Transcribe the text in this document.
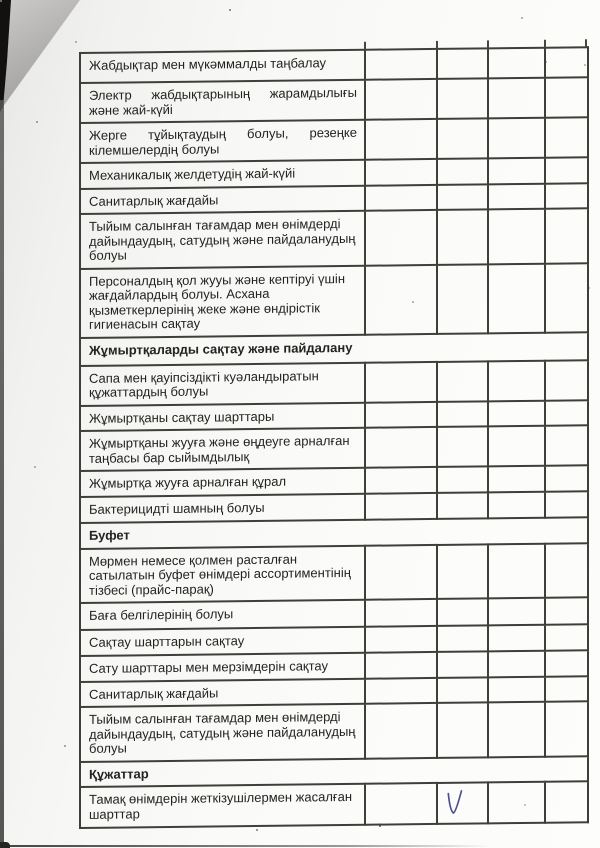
Жабдықтар мен мүкәммалды таңбалау				
Электр жабдықтарының жарамдылығы және жай-күйі				
Жерге тұйықтаудың болуы, резеңке кілемшелердің болуы				
Механикалық желдетудің жай-күйі				
Санитарлық жағдайы				
Тыйым салынған тағамдар мен өнімдерді дайындаудың, сатудың және пайдаланудың болуы				
Персоналдың қол жууы және кептіруі үшін жағдайлардың болуы. Асхана қызметкерлерінің жеке және өндірістік гигиенасын сақтау				
Жұмыртқаларды сақтау және пайдалану				
Сапа мен қауіпсіздікті куәландыратын құжаттардың болуы				
Жұмыртқаны сақтау шарттары				
Жұмыртқаны жууға және өңдеуге арналған таңбасы бар сыйымдылық				
Жұмыртқа жууға арналған құрал				
Бактерицидті шамның болуы				
Буфет				
Мөрмен немесе қолмен расталған сатылатын буфет өнімдері ассортиментінің тізбесі (прайс-парақ)				
Баға белгілерінің болуы				
Сақтау шарттарын сақтау				
Сату шарттары мен мерзімдерін сақтау				
Санитарлық жағдайы				
Тыйым салынған тағамдар мен өнімдерді дайындаудың, сатудың және пайдаланудың болуы				
Құжаттар				
Тамақ өнімдерін жеткізушілермен жасалған шарттар		
